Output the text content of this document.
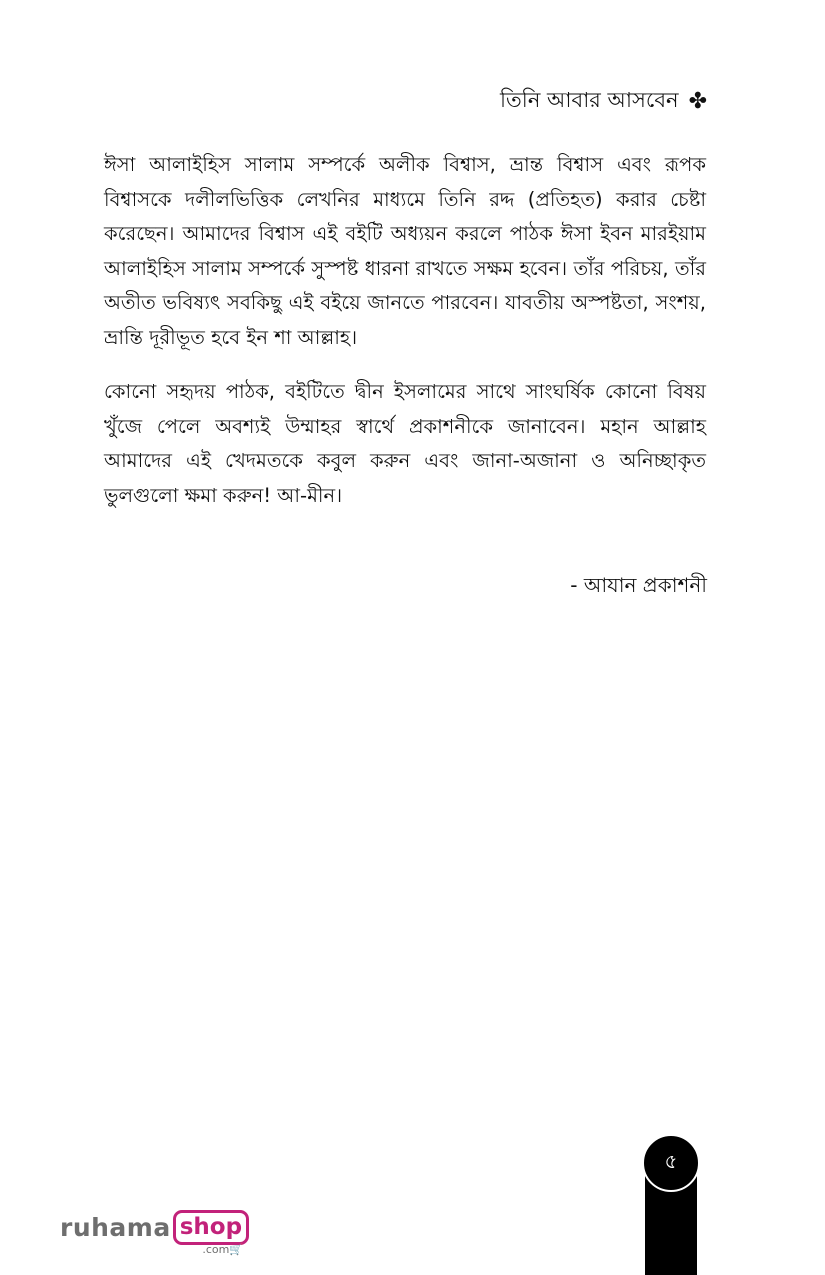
তিনি আবার আসবেন ✤

ঈসা আলাইহিস সালাম সম্পর্কে অলীক বিশ্বাস, ভ্রান্ত বিশ্বাস এবং রূপক বিশ্বাসকে দলীলভিত্তিক লেখনির মাধ্যমে তিনি রদ্দ (প্রতিহত) করার চেষ্টা করেছেন। আমাদের বিশ্বাস এই বইটি অধ্যয়ন করলে পাঠক ঈসা ইবন মারইয়াম আলাইহিস সালাম সম্পর্কে সুস্পষ্ট ধারনা রাখতে সক্ষম হবেন। তাঁর পরিচয়, তাঁর অতীত ভবিষ্যৎ সবকিছু এই বইয়ে জানতে পারবেন। যাবতীয় অস্পষ্টতা, সংশয়, ভ্রান্তি দূরীভূত হবে ইন শা আল্লাহ।

কোনো সহৃদয় পাঠক, বইটিতে দ্বীন ইসলামের সাথে সাংঘর্ষিক কোনো বিষয় খুঁজে পেলে অবশ্যই উম্মাহর স্বার্থে প্রকাশনীকে জানাবেন। মহান আল্লাহ আমাদের এই খেদমতকে কবুল করুন এবং জানা-অজানা ও অনিচ্ছাকৃত ভুলগুলো ক্ষমা করুন! আ-মীন।

- আযান প্রকাশনী
৫
ruhama shop
.com🛒
